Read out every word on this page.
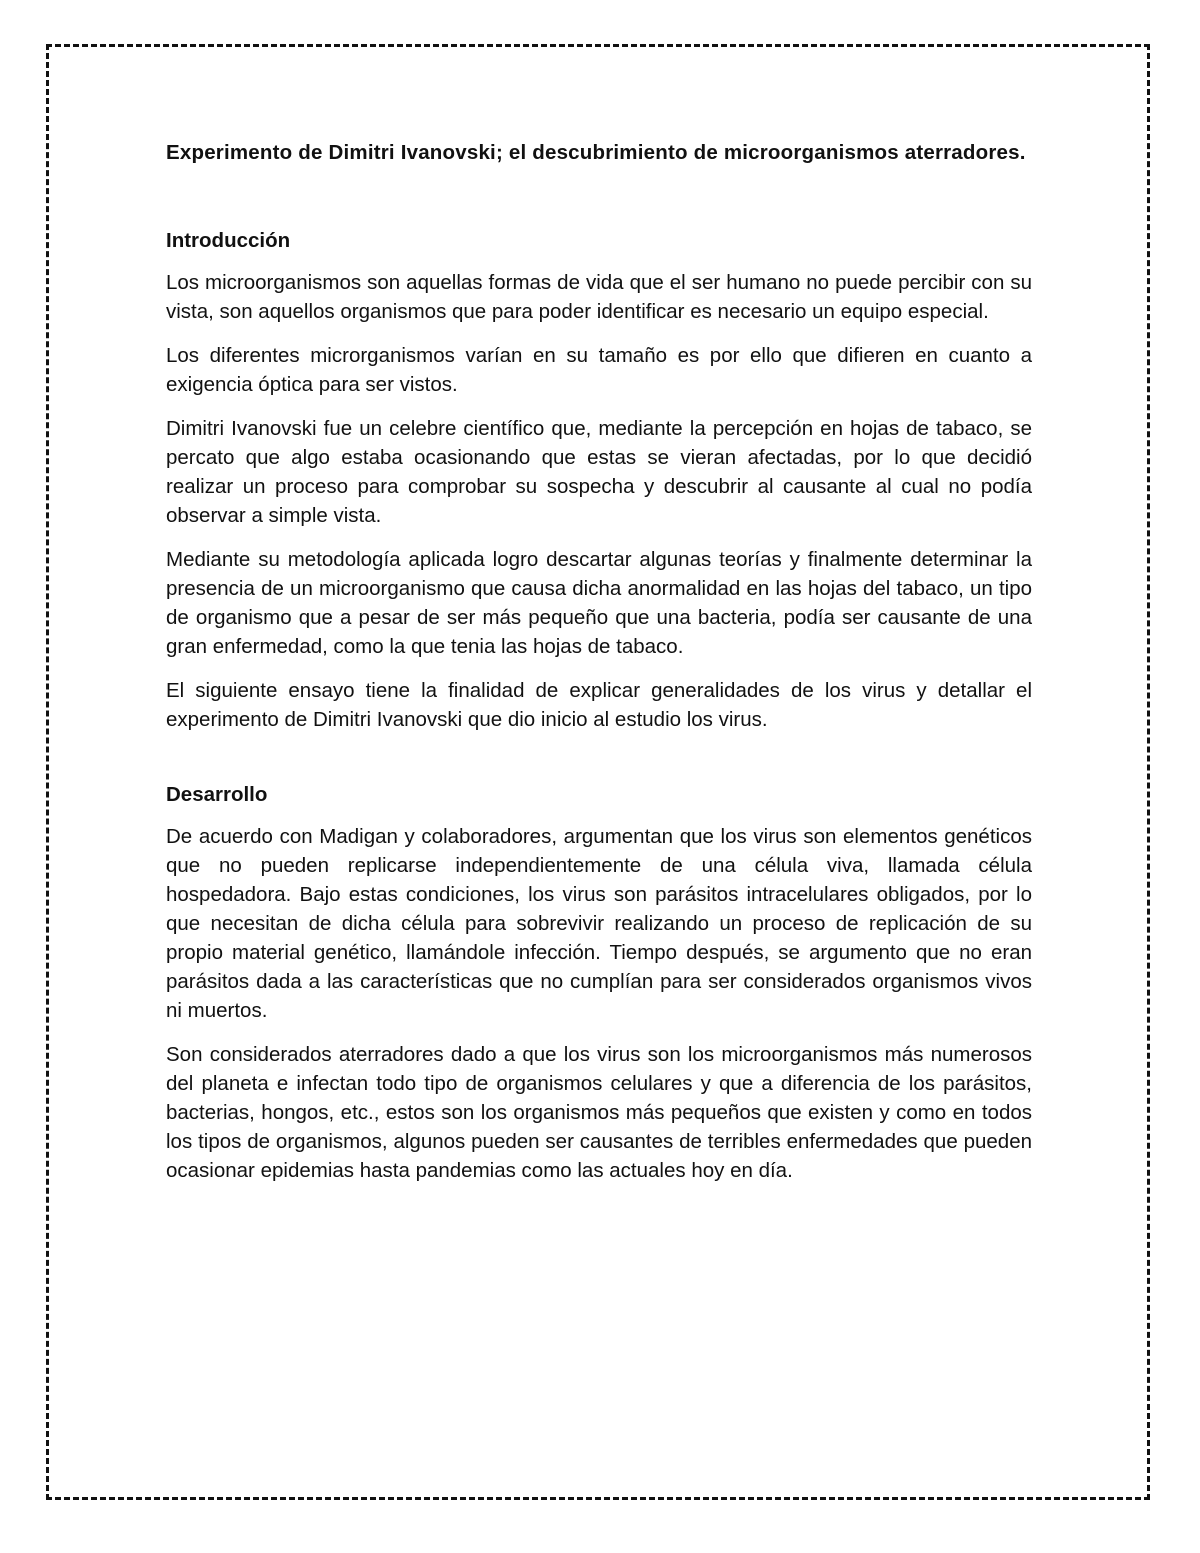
Experimento de Dimitri Ivanovski; el descubrimiento de microorganismos aterradores.
Introducción

Los microorganismos son aquellas formas de vida que el ser humano no puede percibir con su vista, son aquellos organismos que para poder identificar es necesario un equipo especial.

Los diferentes microrganismos varían en su tamaño es por ello que difieren en cuanto a exigencia óptica para ser vistos.

Dimitri Ivanovski fue un celebre científico que, mediante la percepción en hojas de tabaco, se percato que algo estaba ocasionando que estas se vieran afectadas, por lo que decidió realizar un proceso para comprobar su sospecha y descubrir al causante al cual no podía observar a simple vista.

Mediante su metodología aplicada logro descartar algunas teorías y finalmente determinar la presencia de un microorganismo que causa dicha anormalidad en las hojas del tabaco, un tipo de organismo que a pesar de ser más pequeño que una bacteria, podía ser causante de una gran enfermedad, como la que tenia las hojas de tabaco.

El siguiente ensayo tiene la finalidad de explicar generalidades de los virus y detallar el experimento de Dimitri Ivanovski que dio inicio al estudio los virus.

Desarrollo

De acuerdo con Madigan y colaboradores, argumentan que los virus son elementos genéticos que no pueden replicarse independientemente de una célula viva, llamada célula hospedadora. Bajo estas condiciones, los virus son parásitos intracelulares obligados, por lo que necesitan de dicha célula para sobrevivir realizando un proceso de replicación de su propio material genético, llamándole infección. Tiempo después, se argumento que no eran parásitos dada a las características que no cumplían para ser considerados organismos vivos ni muertos.

Son considerados aterradores dado a que los virus son los microorganismos más numerosos del planeta e infectan todo tipo de organismos celulares y que a diferencia de los parásitos, bacterias, hongos, etc., estos son los organismos más pequeños que existen y como en todos los tipos de organismos, algunos pueden ser causantes de terribles enfermedades que pueden ocasionar epidemias hasta pandemias como las actuales hoy en día.
